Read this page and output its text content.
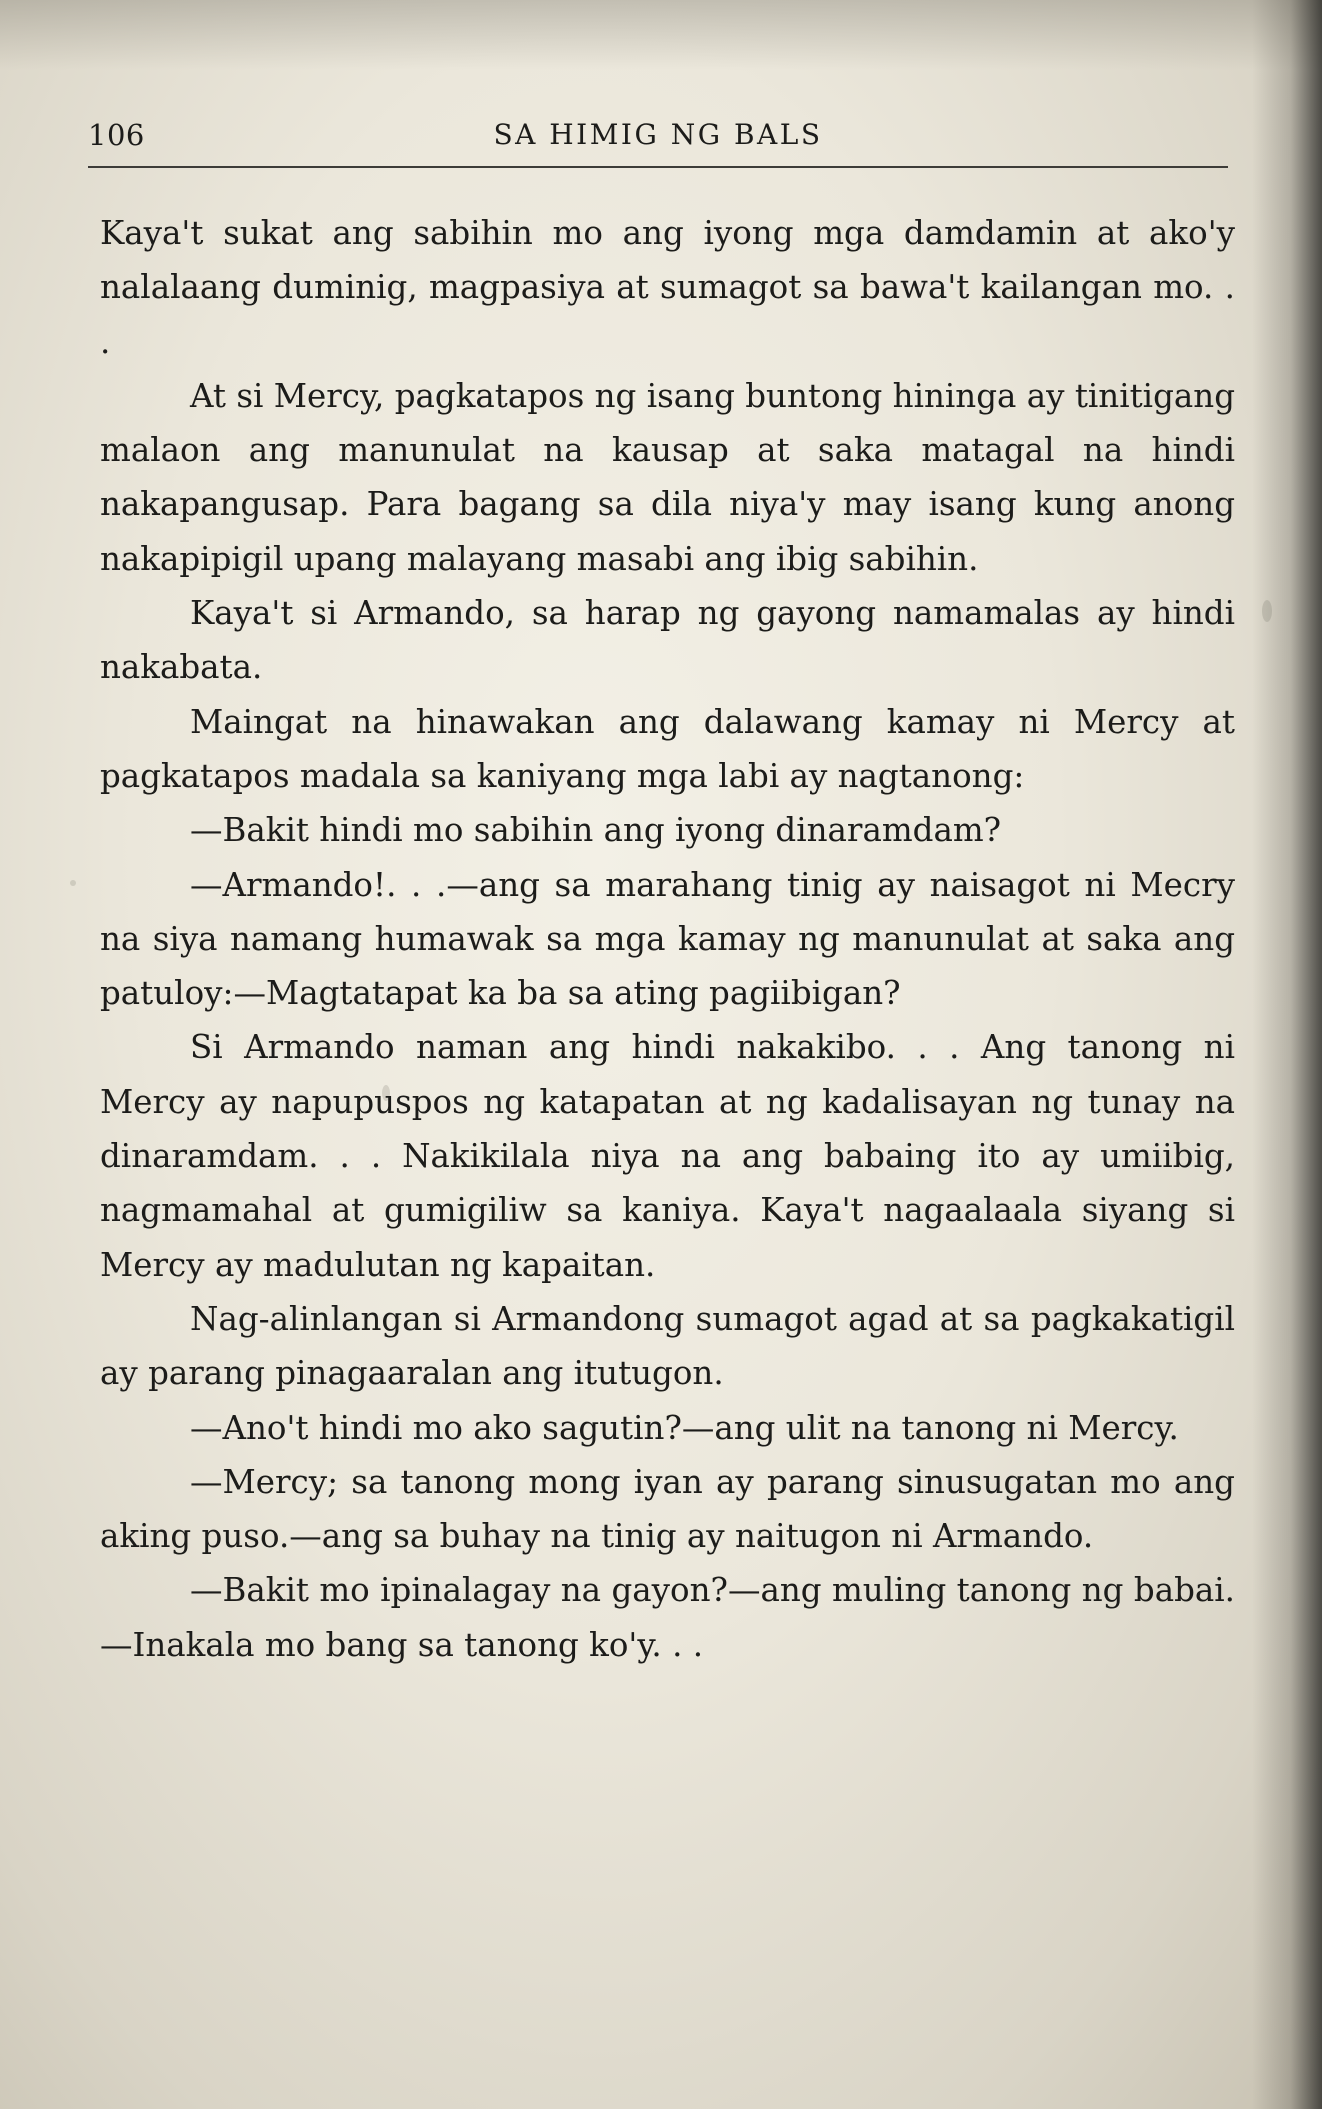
106	SA HIMIG NG BALS

Kaya't sukat ang sabihin mo ang iyong mga damdamin at ako'y nalalaang duminig, magpasiya at sumagot sa bawa't kailangan mo. . .

At si Mercy, pagkatapos ng isang buntong hininga ay tinitigang malaon ang manunulat na kausap at saka matagal na hindi nakapangusap. Para bagang sa dila niya'y may isang kung anong nakapipigil upang malayang masabi ang ibig sabihin.

Kaya't si Armando, sa harap ng gayong namamalas ay hindi nakabata.

Maingat na hinawakan ang dalawang kamay ni Mercy at pagkatapos madala sa kaniyang mga labi ay nagtanong:

—Bakit hindi mo sabihin ang iyong dinaramdam?

—Armando!. . .—ang sa marahang tinig ay naisagot ni Mecry na siya namang humawak sa mga kamay ng manunulat at saka ang patuloy:—Magtatapat ka ba sa ating pagiibigan?

Si Armando naman ang hindi nakakibo. . . Ang tanong ni Mercy ay napupuspos ng katapatan at ng kadalisayan ng tunay na dinaramdam. . . Nakikilala niya na ang babaing ito ay umiibig, nagmamahal at gumigiliw sa kaniya. Kaya't nagaalaala siyang si Mercy ay madulutan ng kapaitan.

Nag-alinlangan si Armandong sumagot agad at sa pagkakatigil ay parang pinagaaralan ang itutugon.

—Ano't hindi mo ako sagutin?—ang ulit na tanong ni Mercy.

—Mercy; sa tanong mong iyan ay parang sinusugatan mo ang aking puso.—ang sa buhay na tinig ay naitugon ni Armando.

—Bakit mo ipinalagay na gayon?—ang muling tanong ng babai.—Inakala mo bang sa tanong ko'y. . .
